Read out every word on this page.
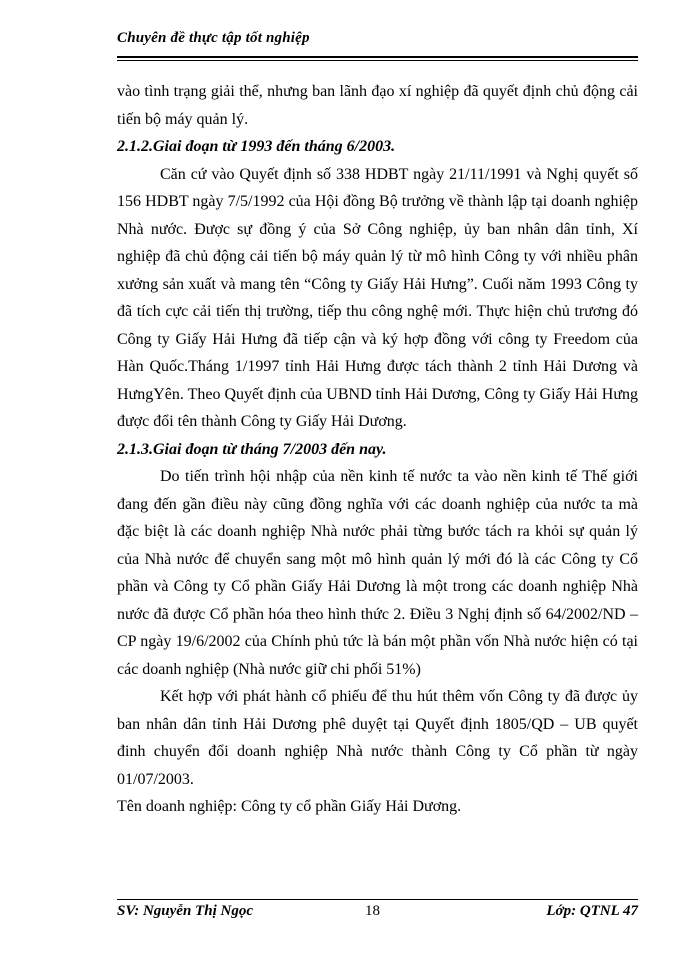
Chuyên đề thực tập tốt nghiệp

vào tình trạng giải thể, nhưng ban lãnh đạo xí nghiệp đã quyết định chủ động cải tiến bộ máy quản lý.

2.1.2.Giai đoạn từ 1993 đến tháng 6/2003.

Căn cứ vào Quyết định số 338 HDBT ngày 21/11/1991 và Nghị quyết số 156 HDBT ngày 7/5/1992 của Hội đồng Bộ trưởng về thành lập tại doanh nghiệp Nhà nước. Được sự đồng ý của Sở Công nghiệp, ủy ban nhân dân tỉnh, Xí nghiệp đã chủ động cải tiến bộ máy quản lý từ mô hình Công ty với nhiều phân xưởng sản xuất và mang tên “Công ty Giấy Hải Hưng”. Cuối năm 1993 Công ty đã tích cực cải tiến thị trường, tiếp thu công nghệ mới. Thực hiện chủ trương đó Công ty Giấy Hải Hưng đã tiếp cận và ký hợp đồng với công ty Freedom của Hàn Quốc.Tháng 1/1997 tỉnh Hải Hưng được tách thành 2 tỉnh Hải Dương và HưngYên. Theo Quyết định của UBND tỉnh Hải Dương, Công ty Giấy Hải Hưng được đổi tên thành Công ty Giấy Hải Dương.

2.1.3.Giai đoạn từ tháng 7/2003 đến nay.

Do tiến trình hội nhập của nền kinh tế nước ta vào nền kinh tế Thế giới đang đến gần điều này cũng đồng nghĩa với các doanh nghiệp của nước ta mà đặc biệt là các doanh nghiệp Nhà nước phải từng bước tách ra khỏi sự quản lý của Nhà nước để chuyển sang một mô hình quản lý mới đó là các Công ty Cổ phần và Công ty Cổ phần Giấy Hải Dương là một trong các doanh nghiệp Nhà nước đã được Cổ phần hóa theo hình thức 2. Điều 3 Nghị định số 64/2002/ND – CP ngày 19/6/2002 của Chính phủ tức là bán một phần vốn Nhà nước hiện có tại các doanh nghiệp (Nhà nước giữ chi phối 51%)

Kết hợp với phát hành cổ phiếu để thu hút thêm vốn Công ty đã được ủy ban nhân dân tỉnh Hải Dương phê duyệt tại Quyết định 1805/QD – UB quyết đinh chuyển đổi doanh nghiệp Nhà nước thành Công ty Cổ phần từ ngày 01/07/2003.

Tên doanh nghiệp: Công ty cổ phần Giấy Hải Dương.

SV: Nguyễn Thị Ngọc	18	Lớp: QTNL 47
